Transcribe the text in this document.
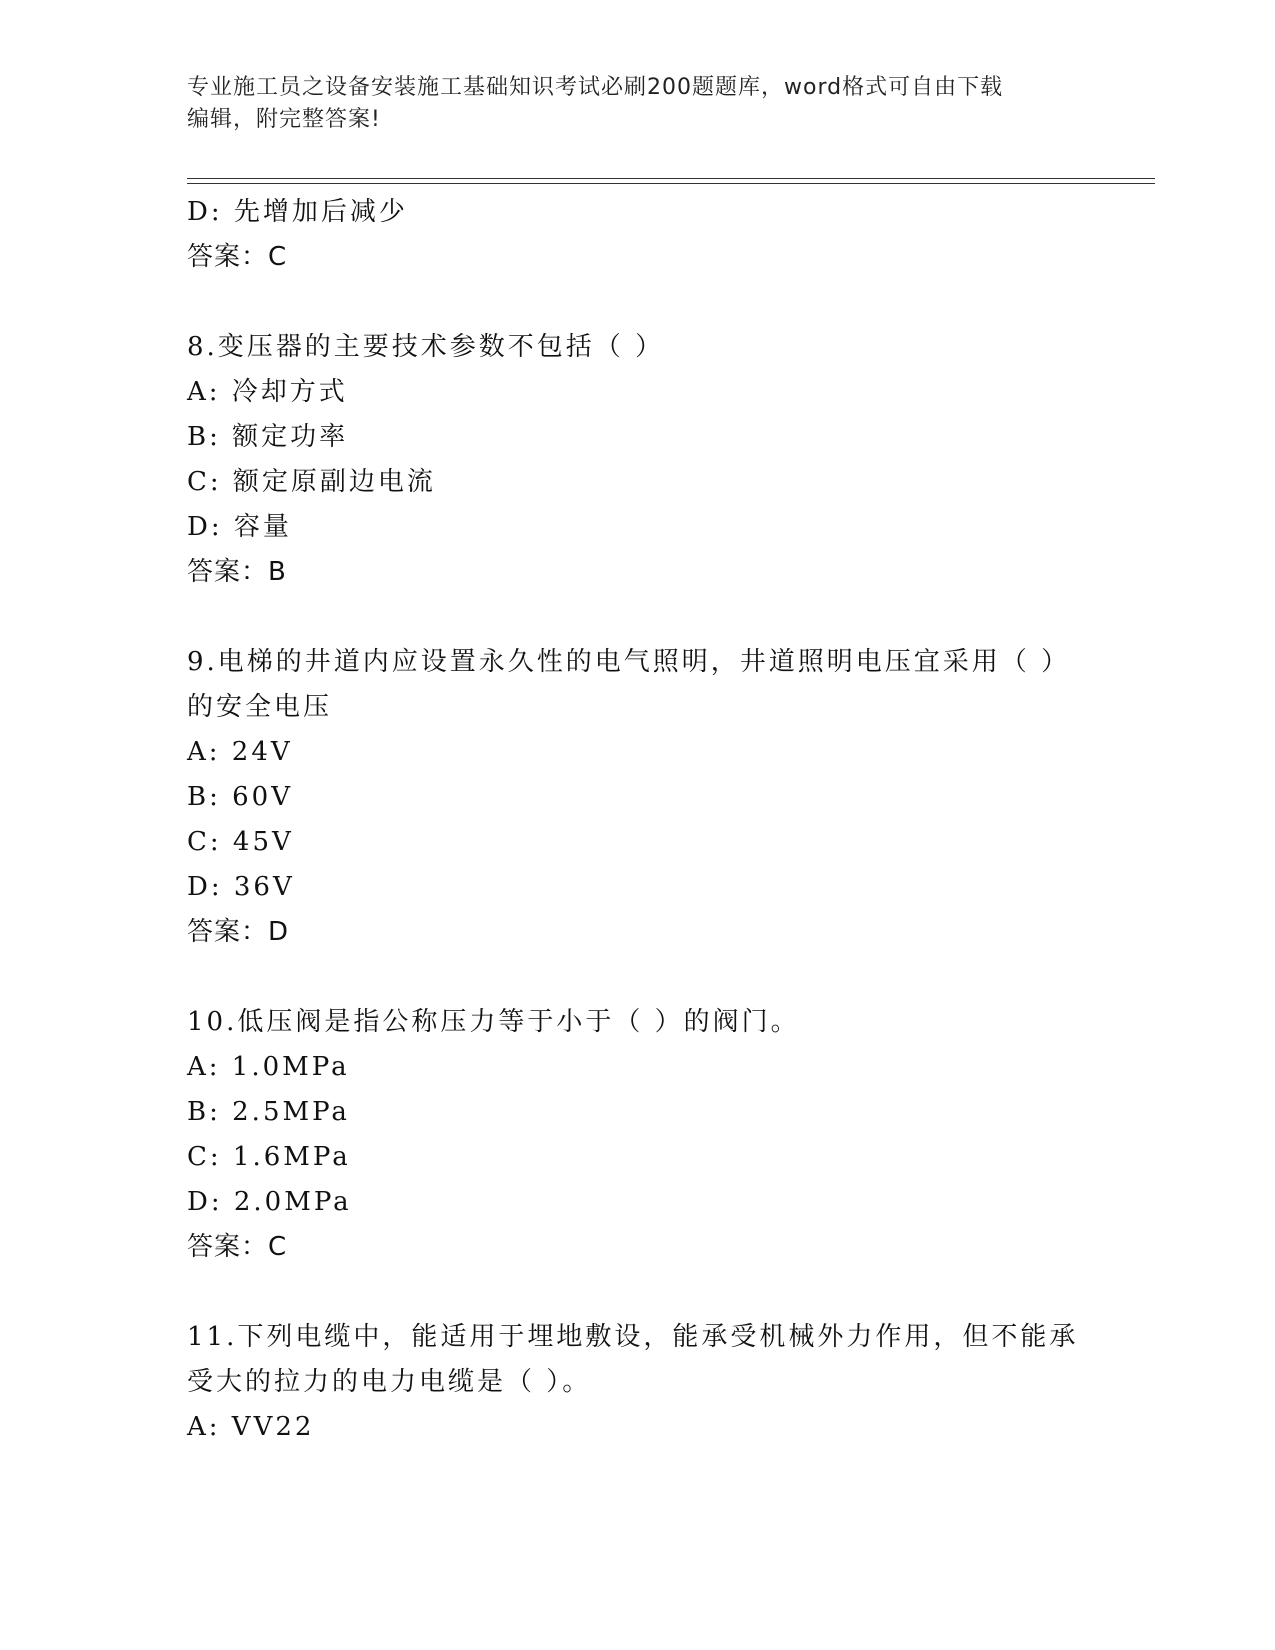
专业施工员之设备安装施工基础知识考试必刷200题题库，word格式可自由下载
编辑，附完整答案!
D: 先增加后减少
答案：C
8.变压器的主要技术参数不包括（ ）
A: 冷却方式
B: 额定功率
C: 额定原副边电流
D: 容量
答案：B
9.电梯的井道内应设置永久性的电气照明，井道照明电压宜采用（ ）
的安全电压
A: 24V
B: 60V
C: 45V
D: 36V
答案：D
10.低压阀是指公称压力等于小于（ ）的阀门。
A: 1.0MPa
B: 2.5MPa
C: 1.6MPa
D: 2.0MPa
答案：C
11.下列电缆中，能适用于埋地敷设，能承受机械外力作用，但不能承
受大的拉力的电力电缆是（ ）。
A: VV22
